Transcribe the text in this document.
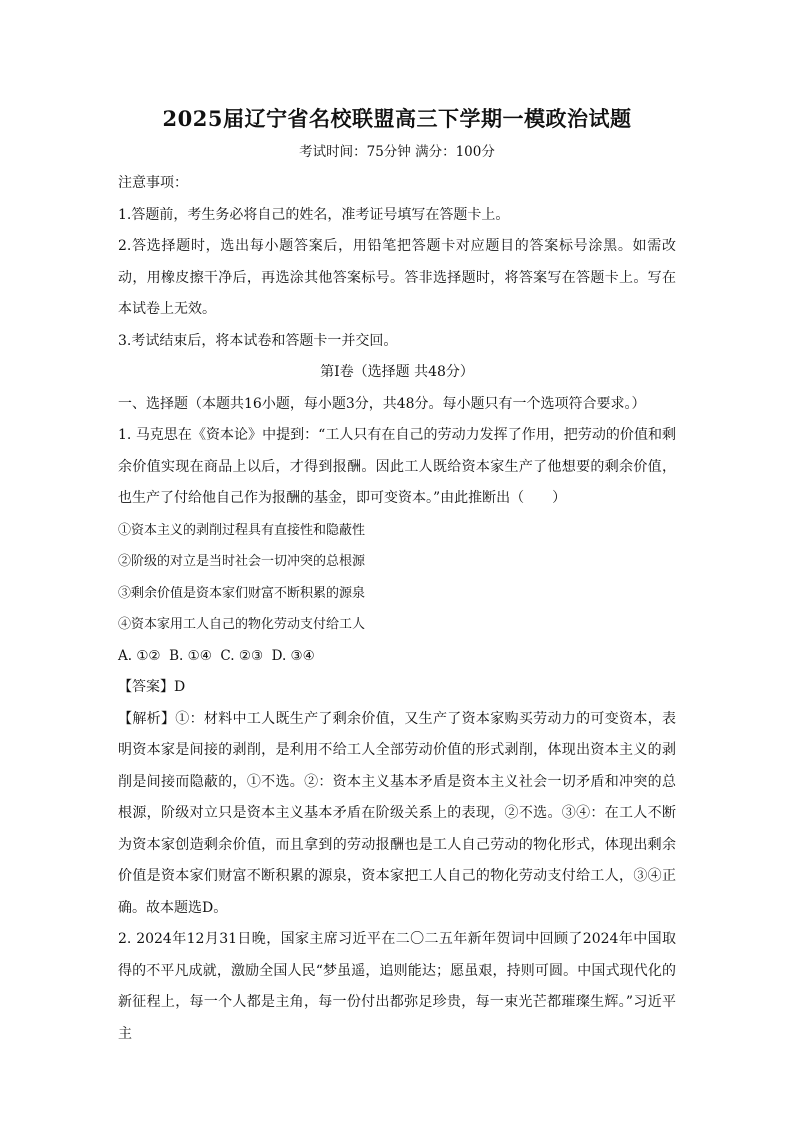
2025届辽宁省名校联盟高三下学期一模政治试题

考试时间：75分钟 满分：100分

注意事项：

1.答题前，考生务必将自己的姓名，准考证号填写在答题卡上。

2.答选择题时，选出每小题答案后，用铅笔把答题卡对应题目的答案标号涂黑。如需改动，用橡皮擦干净后，再选涂其他答案标号。答非选择题时，将答案写在答题卡上。写在本试卷上无效。

3.考试结束后，将本试卷和答题卡一并交回。

第Ⅰ卷（选择题 共48分）

一、选择题（本题共16小题，每小题3分，共48分。每小题只有一个选项符合要求。）

1. 马克思在《资本论》中提到：“工人只有在自己的劳动力发挥了作用，把劳动的价值和剩余价值实现在商品上以后，才得到报酬。因此工人既给资本家生产了他想要的剩余价值，也生产了付给他自己作为报酬的基金，即可变资本。”由此推断出（　　）

①资本主义的剥削过程具有直接性和隐蔽性

②阶级的对立是当时社会一切冲突的总根源

③剩余价值是资本家们财富不断积累的源泉

④资本家用工人自己的物化劳动支付给工人

A. ①②  B. ①④  C. ②③  D. ③④

【答案】D

【解析】①：材料中工人既生产了剩余价值，又生产了资本家购买劳动力的可变资本，表明资本家是间接的剥削，是利用不给工人全部劳动价值的形式剥削，体现出资本主义的剥削是间接而隐蔽的，①不选。②：资本主义基本矛盾是资本主义社会一切矛盾和冲突的总根源，阶级对立只是资本主义基本矛盾在阶级关系上的表现，②不选。③④：在工人不断为资本家创造剩余价值，而且拿到的劳动报酬也是工人自己劳动的物化形式，体现出剩余价值是资本家们财富不断积累的源泉，资本家把工人自己的物化劳动支付给工人，③④正确。故本题选D。

2. 2024年12月31日晚，国家主席习近平在二〇二五年新年贺词中回顾了2024年中国取得的不平凡成就，激励全国人民“梦虽遥，追则能达；愿虽艰，持则可圆。中国式现代化的新征程上，每一个人都是主角，每一份付出都弥足珍贵，每一束光芒都璀璨生辉。”习近平主
